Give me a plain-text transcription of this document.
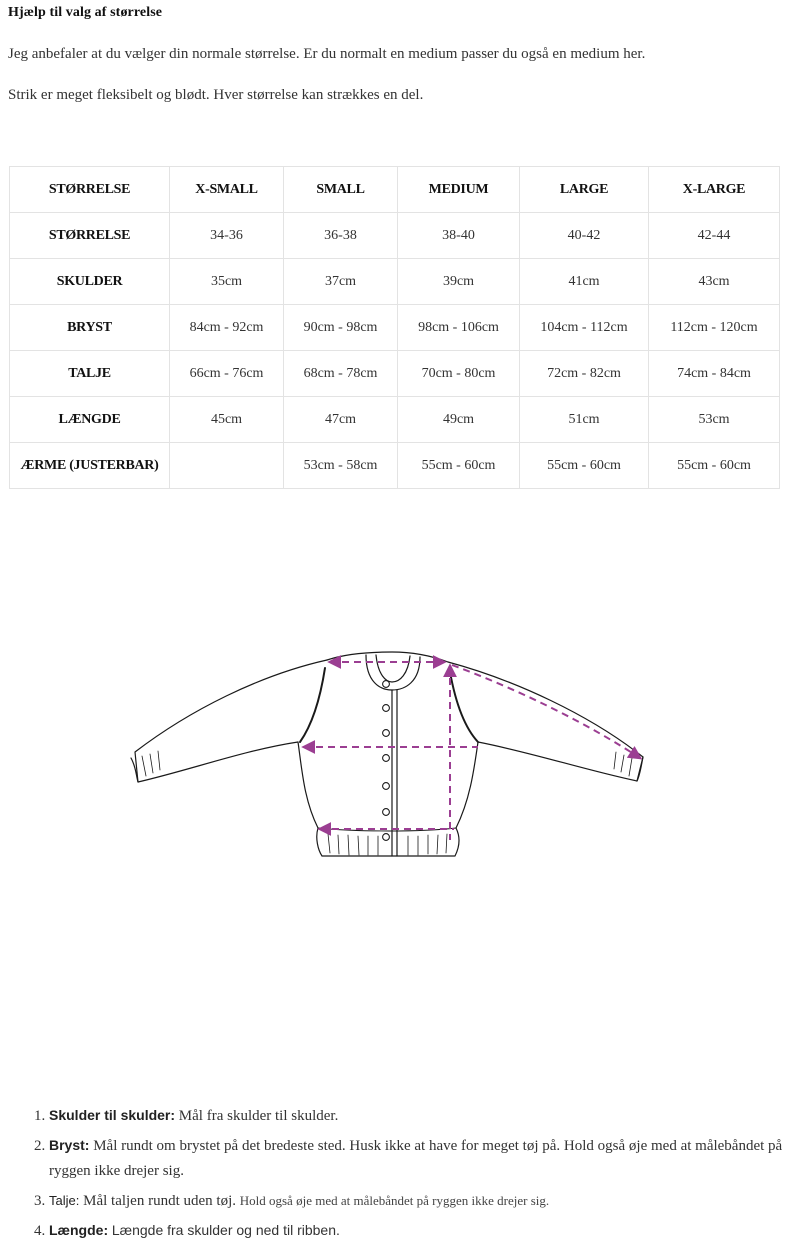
Hjælp til valg af størrelse
Jeg anbefaler at du vælger din normale størrelse. Er du normalt en medium passer du også en medium her.
Strik er meget fleksibelt og blødt. Hver størrelse kan strækkes en del.
STØRRELSE	X-SMALL	SMALL	MEDIUM	LARGE	X-LARGE
STØRRELSE	34-36	36-38	38-40	40-42	42-44
SKULDER	35cm	37cm	39cm	41cm	43cm
BRYST	84cm - 92cm	90cm - 98cm	98cm - 106cm	104cm - 112cm	112cm - 120cm
TALJE	66cm - 76cm	68cm - 78cm	70cm - 80cm	72cm - 82cm	74cm - 84cm
LÆNGDE	45cm	47cm	49cm	51cm	53cm
ÆRME (JUSTERBAR)		53cm - 58cm	55cm - 60cm	55cm - 60cm	55cm - 60cm
1. Skulder til skulder: Mål fra skulder til skulder.
2. Bryst: Mål rundt om brystet på det bredeste sted. Husk ikke at have for meget tøj på. Hold også øje med at målebåndet på ryggen ikke drejer sig.
3. Talje: Mål taljen rundt uden tøj. Hold også øje med at målebåndet på ryggen ikke drejer sig.
4. Længde: Længde fra skulder og ned til ribben.
